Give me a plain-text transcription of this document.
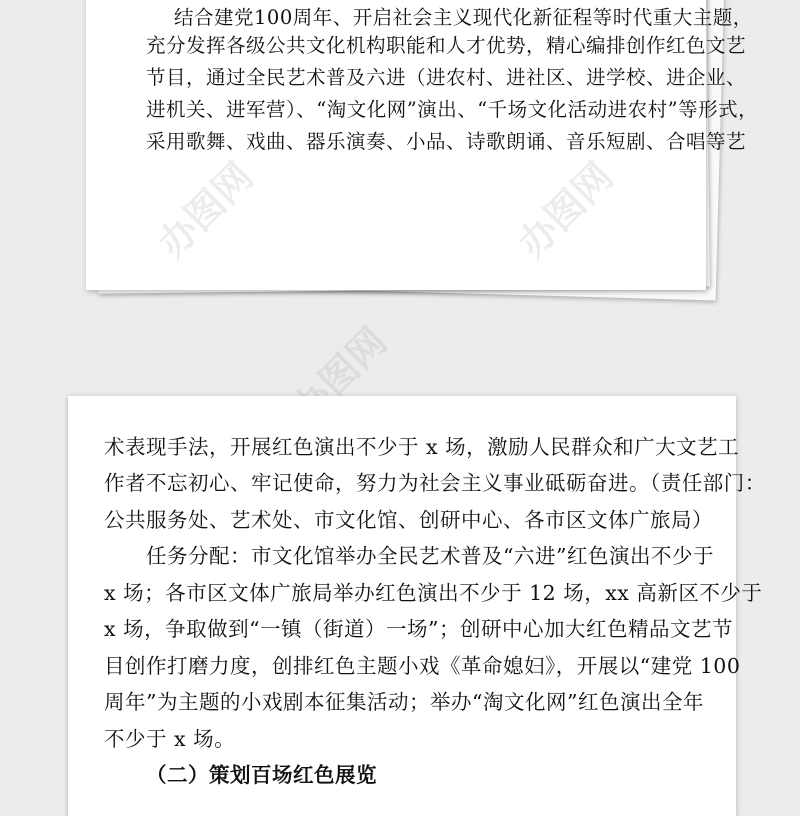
结合建党100周年、开启社会主义现代化新征程等时代重大主题，
充分发挥各级公共文化机构职能和人才优势，精心编排创作红色文艺
节目，通过全民艺术普及六进（进农村、进社区、进学校、进企业、
进机关、进军营）、“淘文化网”演出、“千场文化活动进农村”等形式，
采用歌舞、戏曲、器乐演奏、小品、诗歌朗诵、音乐短剧、合唱等艺
办图网	办图网
办图网
术表现手法，开展红色演出不少于 x 场，激励人民群众和广大文艺工
作者不忘初心、牢记使命，努力为社会主义事业砥砺奋进。（责任部门：
公共服务处、艺术处、市文化馆、创研中心、各市区文体广旅局）
任务分配：市文化馆举办全民艺术普及“六进”红色演出不少于
x 场；各市区文体广旅局举办红色演出不少于 12 场，xx 高新区不少于
x 场，争取做到“一镇（街道）一场”；创研中心加大红色精品文艺节
目创作打磨力度，创排红色主题小戏《革命媳妇》，开展以“建党 100
周年”为主题的小戏剧本征集活动；举办“淘文化网”红色演出全年
不少于 x 场。
（二）策划百场红色展览
